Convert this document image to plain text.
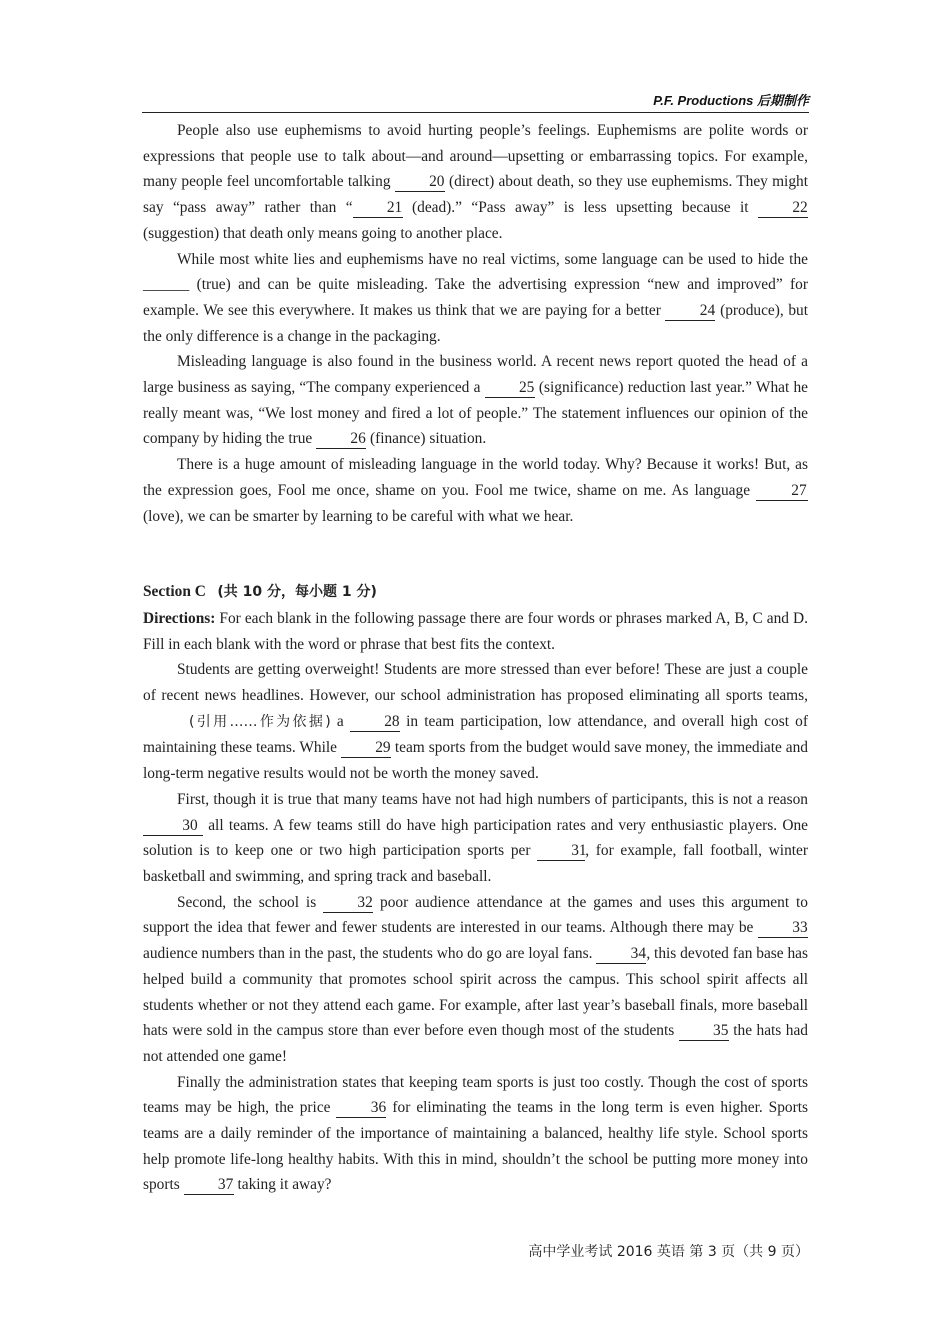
P.F. Productions 后期制作

People also use euphemisms to avoid hurting people’s feelings. Euphemisms are polite words or expressions that people use to talk about—and around—upsetting or embarrassing topics. For example, many people feel uncomfortable talking 20 (direct) about death, so they use euphemisms. They might say “pass away” rather than “ 21 (dead).” “Pass away” is less upsetting because it 22 (suggestion) that death only means going to another place.

While most white lies and euphemisms have no real victims, some language can be used to hide the ______ (true) and can be quite misleading. Take the advertising expression “new and improved” for example. We see this everywhere. It makes us think that we are paying for a better 24 (produce), but the only difference is a change in the packaging.

Misleading language is also found in the business world. A recent news report quoted the head of a large business as saying, “The company experienced a 25 (significance) reduction last year.” What he really meant was, “We lost money and fired a lot of people.” The statement influences our opinion of the company by hiding the true 26 (finance) situation.

There is a huge amount of misleading language in the world today. Why? Because it works! But, as the expression goes, Fool me once, shame on you. Fool me twice, shame on me. As language 27 (love), we can be smarter by learning to be careful with what we hear.

Section C (共 10 分，每小题 1 分)

Directions: For each blank in the following passage there are four words or phrases marked A, B, C and D. Fill in each blank with the word or phrase that best fits the context.

Students are getting overweight! Students are more stressed than ever before! These are just a couple of recent news headlines. However, our school administration has proposed eliminating all sports teams, (引用……作为依据) a 28 in team participation, low attendance, and overall high cost of maintaining these teams. While 29 team sports from the budget would save money, the immediate and long-term negative results would not be worth the money saved.

First, though it is true that many teams have not had high numbers of participants, this is not a reason 30 all teams. A few teams still do have high participation rates and very enthusiastic players. One solution is to keep one or two high participation sports per 31, for example, fall football, winter basketball and swimming, and spring track and baseball.

Second, the school is 32 poor audience attendance at the games and uses this argument to support the idea that fewer and fewer students are interested in our teams. Although there may be 33 audience numbers than in the past, the students who do go are loyal fans. 34, this devoted fan base has helped build a community that promotes school spirit across the campus. This school spirit affects all students whether or not they attend each game. For example, after last year’s baseball finals, more baseball hats were sold in the campus store than ever before even though most of the students 35 the hats had not attended one game!

Finally the administration states that keeping team sports is just too costly. Though the cost of sports teams may be high, the price 36 for eliminating the teams in the long term is even higher. Sports teams are a daily reminder of the importance of maintaining a balanced, healthy life style. School sports help promote life-long healthy habits. With this in mind, shouldn’t the school be putting more money into sports 37 taking it away?

高中学业考试 2016 英语 第 3 页（共 9 页）
